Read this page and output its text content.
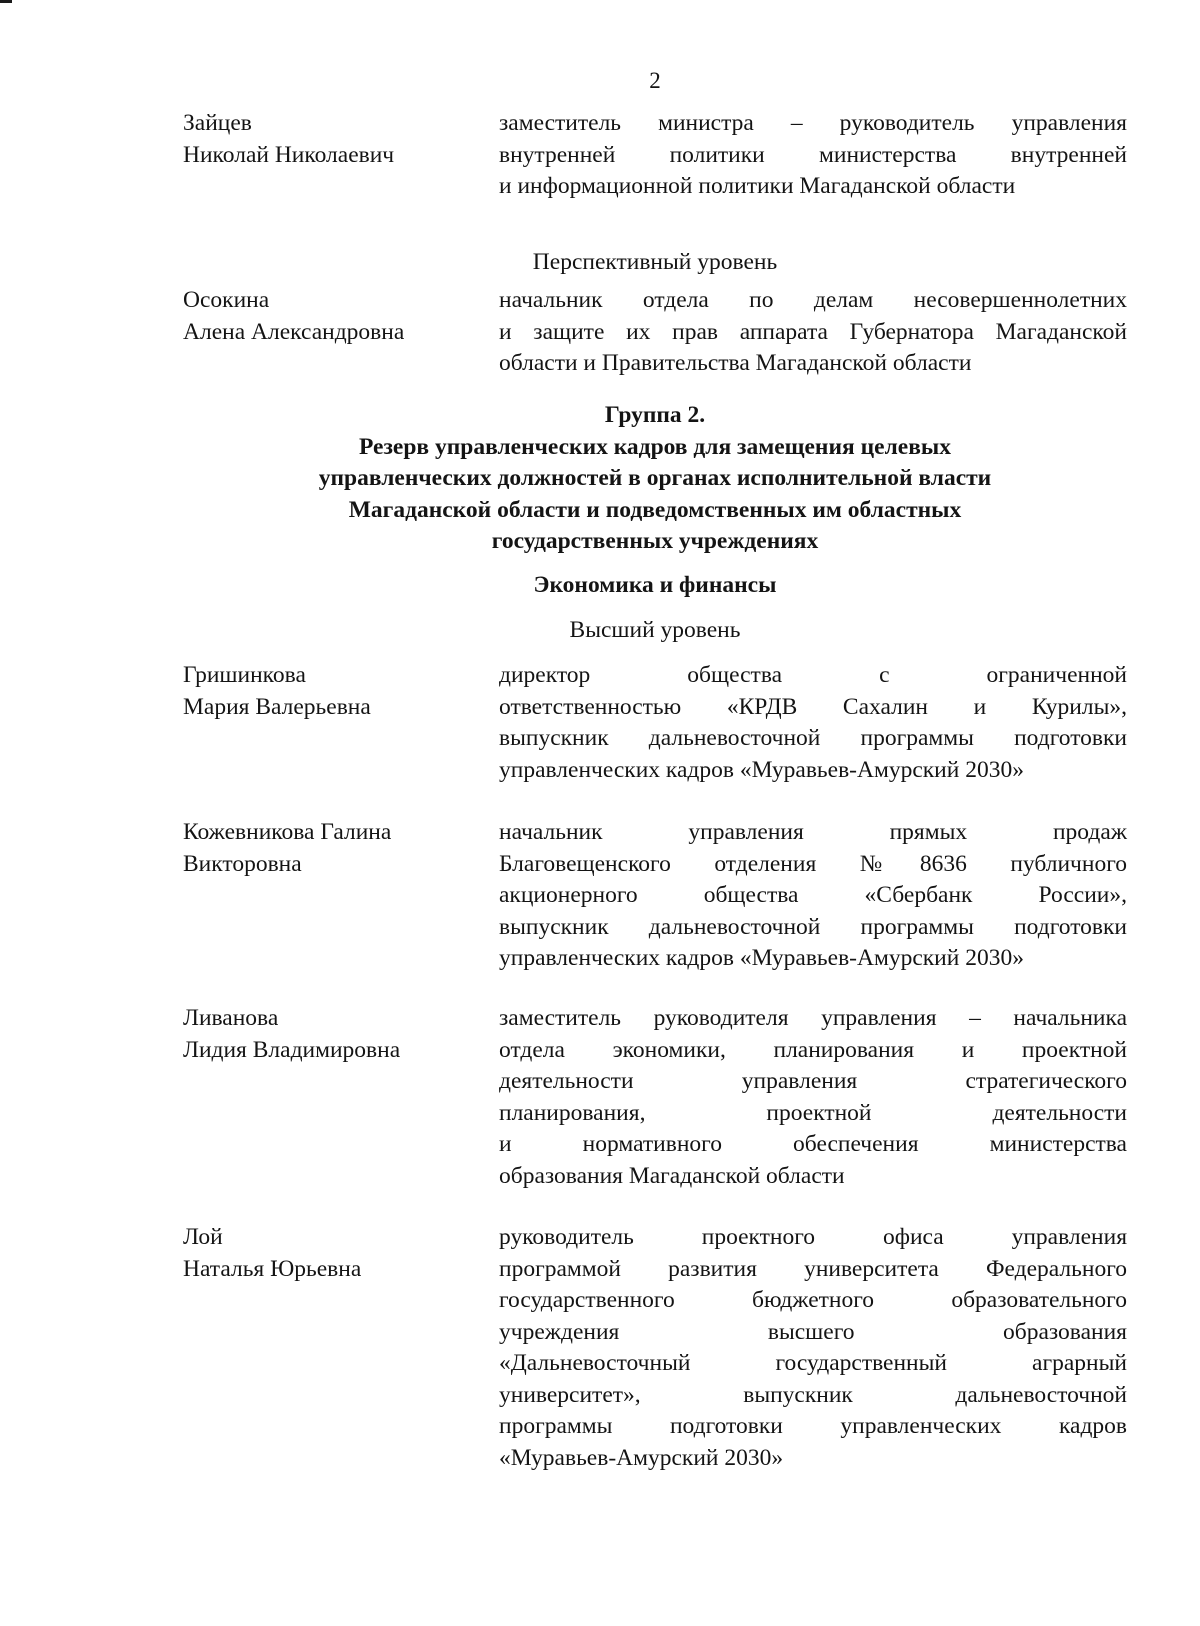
2
Зайцев
Николай Николаевич
заместитель министра – руководитель управления
внутренней политики министерства внутренней
и информационной политики Магаданской области
Перспективный уровень
Осокина
Алена Александровна
начальник отдела по делам несовершеннолетних
и защите их прав аппарата Губернатора Магаданской
области и Правительства Магаданской области
Группа 2.
Резерв управленческих кадров для замещения целевых
управленческих должностей в органах исполнительной власти
Магаданской области и подведомственных им областных
государственных учреждениях
Экономика и финансы
Высший уровень
Гришинкова
Мария Валерьевна
директор общества с ограниченной
ответственностью «КРДВ Сахалин и Курилы»,
выпускник дальневосточной программы подготовки
управленческих кадров «Муравьев-Амурский 2030»
Кожевникова Галина
Викторовна
начальник управления прямых продаж
Благовещенского отделения №8636 публичного
акционерного общества «Сбербанк России»,
выпускник дальневосточной программы подготовки
управленческих кадров «Муравьев-Амурский 2030»
Ливанова
Лидия Владимировна
заместитель руководителя управления – начальника
отдела экономики, планирования и проектной
деятельности управления стратегического
планирования, проектной деятельности
и нормативного обеспечения министерства
образования Магаданской области
Лой
Наталья Юрьевна
руководитель проектного офиса управления
программой развития университета Федерального
государственного бюджетного образовательного
учреждения высшего образования
«Дальневосточный государственный аграрный
университет», выпускник дальневосточной
программы подготовки управленческих кадров
«Муравьев-Амурский 2030»
